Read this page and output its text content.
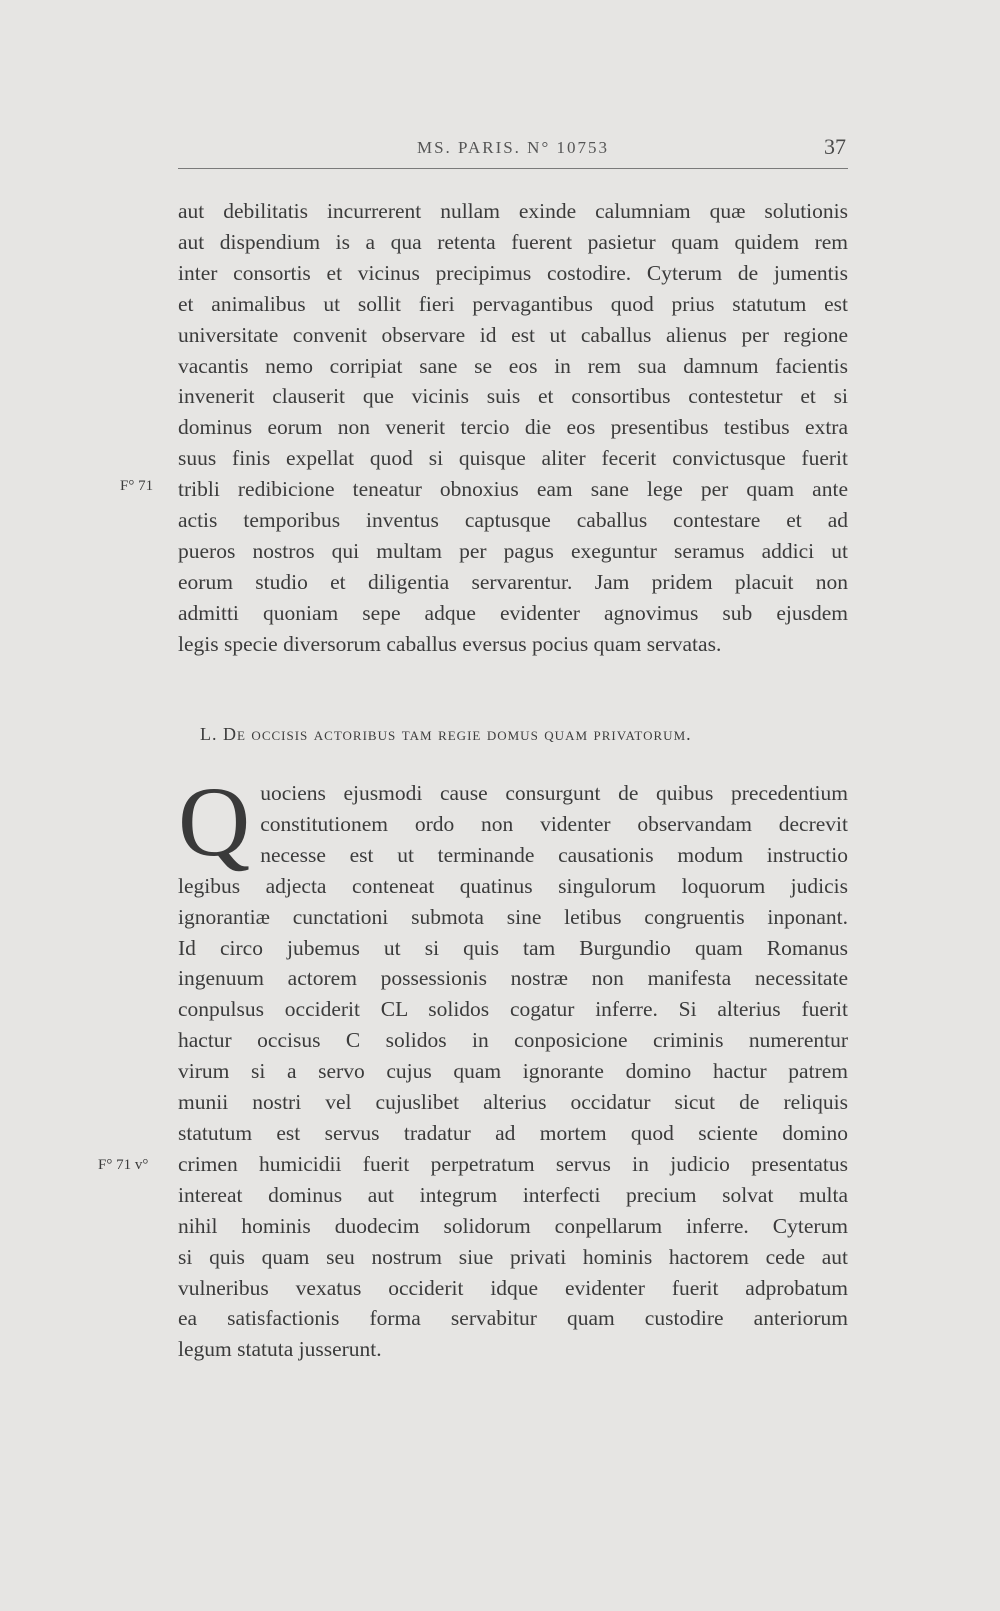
MS. PARIS. N° 10753	37
aut debilitatis incurrerent nullam exinde calumniam quæ solutionis
aut dispendium is a qua retenta fuerent pasietur quam quidem rem
inter consortis et vicinus precipimus costodire. Cyterum de jumentis
et animalibus ut sollit fieri pervagantibus quod prius statutum est
universitate convenit observare id est ut caballus alienus per regione
vacantis nemo corripiat sane se eos in rem sua damnum facientis
invenerit clauserit que vicinis suis et consortibus contestetur et si
dominus eorum non venerit tercio die eos presentibus testibus extra
suus finis expellat quod si quisque aliter fecerit convictusque fuerit
tribli redibicione teneatur obnoxius eam sane lege per quam ante
actis temporibus inventus captusque caballus contestare et ad
pueros nostros qui multam per pagus exeguntur seramus addici ut
eorum studio et diligentia servarentur. Jam pridem placuit non
admitti quoniam sepe adque evidenter agnovimus sub ejusdem
legis specie diversorum caballus eversus pocius quam servatas.
F° 71
L. De occisis actoribus tam regie domus quam privatorum.
Q uociens ejusmodi cause consurgunt de quibus precedentium
constitutionem ordo non videnter observandam decrevit
necesse est ut terminande causationis modum instructio
legibus adjecta conteneat quatinus singulorum loquorum judicis
ignorantiæ cunctationi submota sine letibus congruentis inponant.
Id circo jubemus ut si quis tam Burgundio quam Romanus
ingenuum actorem possessionis nostræ non manifesta necessitate
conpulsus occiderit CL solidos cogatur inferre. Si alterius fuerit
hactur occisus C solidos in conposicione criminis numerentur
virum si a servo cujus quam ignorante domino hactur patrem
munii nostri vel cujuslibet alterius occidatur sicut de reliquis
statutum est servus tradatur ad mortem quod sciente domino
crimen humicidii fuerit perpetratum servus in judicio presentatus
intereat dominus aut integrum interfecti precium solvat multa
nihil hominis duodecim solidorum conpellarum inferre. Cyterum
si quis quam seu nostrum siue privati hominis hactorem cede aut
vulneribus vexatus occiderit idque evidenter fuerit adprobatum
ea satisfactionis forma servabitur quam custodire anteriorum
legum statuta jusserunt.
F° 71 v°
